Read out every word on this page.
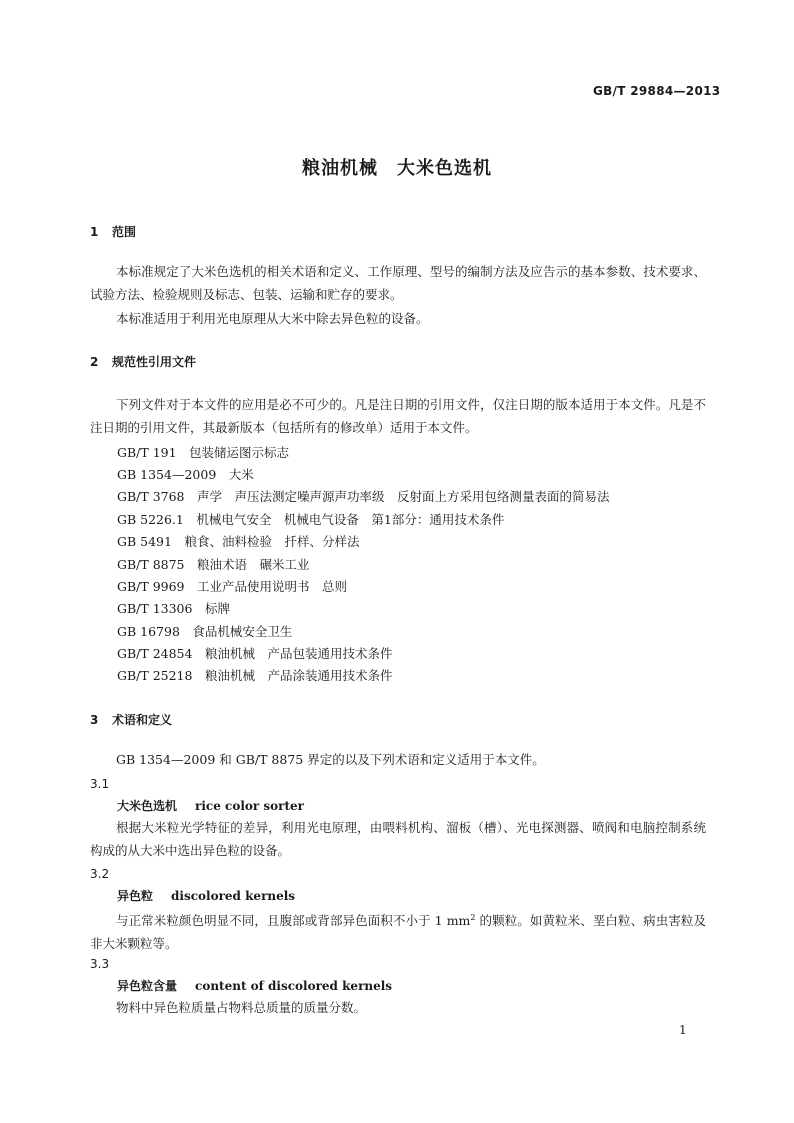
GB/T 29884—2013
粮油机械　大米色选机
1 范围
本标准规定了大米色选机的相关术语和定义、工作原理、型号的编制方法及应告示的基本参数、技术要求、试验方法、检验规则及标志、包装、运输和贮存的要求。
本标准适用于利用光电原理从大米中除去异色粒的设备。
2 规范性引用文件
下列文件对于本文件的应用是必不可少的。凡是注日期的引用文件，仅注日期的版本适用于本文件。凡是不注日期的引用文件，其最新版本（包括所有的修改单）适用于本文件。
GB/T 191　包装储运图示标志
GB 1354—2009　大米
GB/T 3768　声学　声压法测定噪声源声功率级　反射面上方采用包络测量表面的简易法
GB 5226.1　机械电气安全　机械电气设备　第1部分：通用技术条件
GB 5491　粮食、油料检验　扦样、分样法
GB/T 8875　粮油术语　碾米工业
GB/T 9969　工业产品使用说明书　总则
GB/T 13306　标牌
GB 16798　食品机械安全卫生
GB/T 24854　粮油机械　产品包装通用技术条件
GB/T 25218　粮油机械　产品涂装通用技术条件
3 术语和定义
GB 1354—2009 和 GB/T 8875 界定的以及下列术语和定义适用于本文件。
3.1
大米色选机 rice color sorter
根据大米粒光学特征的差异，利用光电原理，由喂料机构、溜板（槽）、光电探测器、喷阀和电脑控制系统构成的从大米中选出异色粒的设备。
3.2
异色粒 discolored kernels
与正常米粒颜色明显不同，且腹部或背部异色面积不小于 1 $mm^2$ 的颗粒。如黄粒米、垩白粒、病虫害粒及非大米颗粒等。
3.3
异色粒含量 content of discolored kernels
物料中异色粒质量占物料总质量的质量分数。
1
